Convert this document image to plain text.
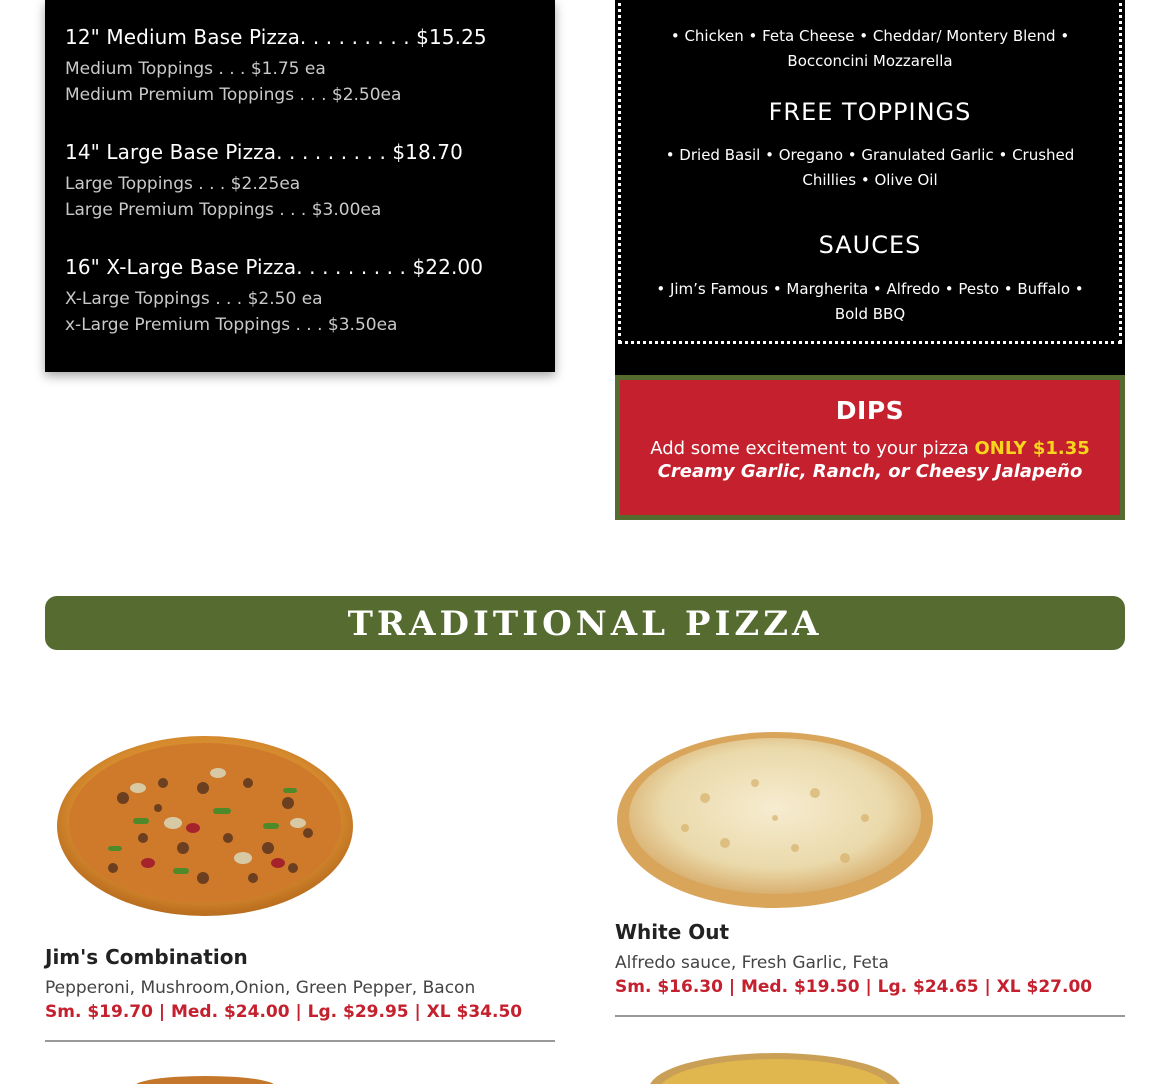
12" Medium Base Pizza. . . . . . . . . $15.25
Medium Toppings . . . $1.75 ea
Medium Premium Toppings . . . $2.50ea
14" Large Base Pizza. . . . . . . . . $18.70
Large Toppings . . . $2.25ea
Large Premium Toppings . . . $3.00ea
16" X-Large Base Pizza. . . . . . . . . $22.00
X-Large Toppings . . . $2.50 ea
x-Large Premium Toppings . . . $3.50ea
• Chicken • Feta Cheese • Cheddar/ Montery Blend • Bocconcini Mozzarella
FREE TOPPINGS
• Dried Basil • Oregano • Granulated Garlic • Crushed Chillies • Olive Oil
SAUCES
• Jim’s Famous • Margherita • Alfredo • Pesto • Buffalo • Bold BBQ
DIPS
Add some excitement to your pizza ONLY $1.35
Creamy Garlic, Ranch, or Cheesy Jalapeño
TRADITIONAL PIZZA
Jim's Combination
Pepperoni, Mushroom,Onion, Green Pepper, Bacon
Sm. $19.70 | Med. $24.00 | Lg. $29.95 | XL $34.50
White Out
Alfredo sauce, Fresh Garlic, Feta
Sm. $16.30 | Med. $19.50 | Lg. $24.65 | XL $27.00
